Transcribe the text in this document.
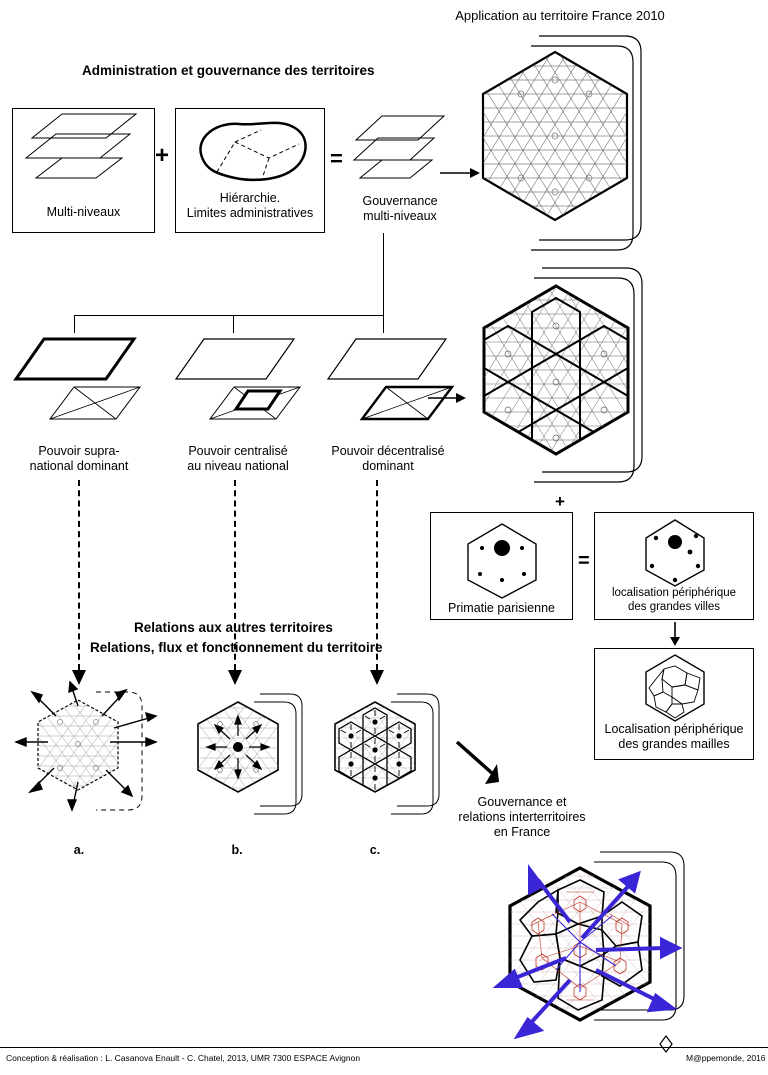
Application au territoire France 2010
Administration et gouvernance des territoires
Multi-niveaux
+
Hiérarchie.
Limites administratives
=
Gouvernance
multi-niveaux
Pouvoir supra-
national dominant
Pouvoir centralisé
au niveau national
Pouvoir décentralisé
dominant
+
Primatie parisienne
=
localisation périphérique
des grandes villes
Localisation périphérique
des grandes mailles
Relations aux autres territoires
Relations, flux et fonctionnement du territoire
a.	b.	c.
Gouvernance et
relations interterritoires
en France
Conception & réalisation : L. Casanova Enault - C. Chatel, 2013, UMR 7300 ESPACE Avignon	M@ppemonde, 2016
